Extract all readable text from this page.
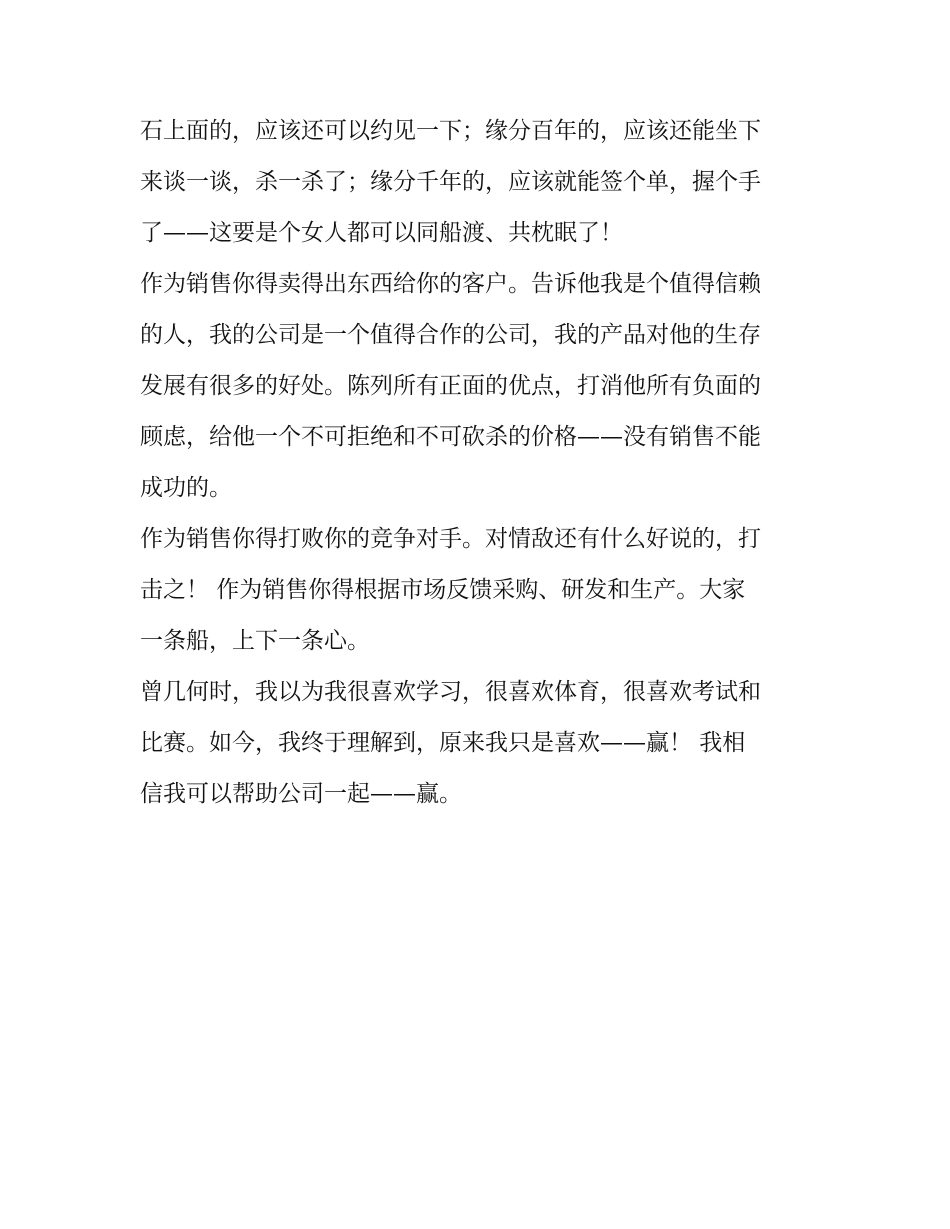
石上面的，应该还可以约见一下；缘分百年的，应该还能坐下
来谈一谈，杀一杀了；缘分千年的，应该就能签个单，握个手
了——这要是个女人都可以同船渡、共枕眠了！
作为销售你得卖得出东西给你的客户。告诉他我是个值得信赖
的人，我的公司是一个值得合作的公司，我的产品对他的生存
发展有很多的好处。陈列所有正面的优点，打消他所有负面的
顾虑，给他一个不可拒绝和不可砍杀的价格——没有销售不能
成功的。
作为销售你得打败你的竞争对手。对情敌还有什么好说的，打
击之！ 作为销售你得根据市场反馈采购、研发和生产。大家
一条船，上下一条心。
曾几何时，我以为我很喜欢学习，很喜欢体育，很喜欢考试和
比赛。如今，我终于理解到，原来我只是喜欢——赢！ 我相
信我可以帮助公司一起——赢。
